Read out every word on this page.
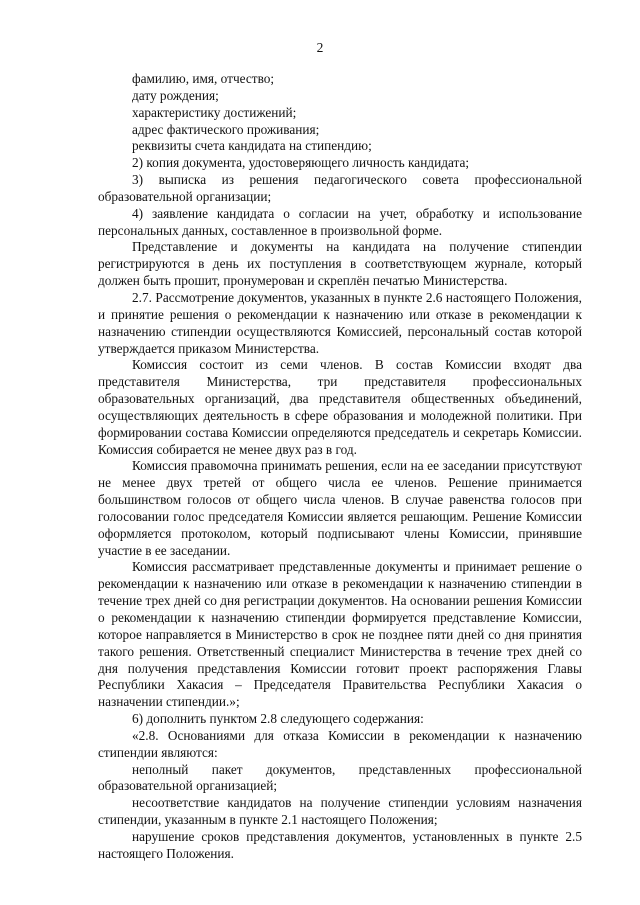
2

фамилию, имя, отчество;

дату рождения;

характеристику достижений;

адрес фактического проживания;

реквизиты счета кандидата на стипендию;

2) копия документа, удостоверяющего личность кандидата;

3) выписка из решения педагогического совета профессиональной образовательной организации;

4) заявление кандидата о согласии на учет, обработку и использование персональных данных, составленное в произвольной форме.

Представление и документы на кандидата на получение стипендии регистрируются в день их поступления в соответствующем журнале, который должен быть прошит, пронумерован и скреплён печатью Министерства.

2.7. Рассмотрение документов, указанных в пункте 2.6 настоящего Положения, и принятие решения о рекомендации к назначению или отказе в рекомендации к назначению стипендии осуществляются Комиссией, персональный состав которой утверждается приказом Министерства.

Комиссия состоит из семи членов. В состав Комиссии входят два

представителя Министерства, три представителя профессиональных образовательных организаций, два представителя общественных объединений, осуществляющих деятельность в сфере образования и молодежной политики. При формировании состава Комиссии определяются председатель и секретарь Комиссии. Комиссия собирается не менее двух раз в год.

Комиссия правомочна принимать решения, если на ее заседании присутствуют не менее двух третей от общего числа ее членов. Решение принимается большинством голосов от общего числа членов. В случае равенства голосов при голосовании голос председателя Комиссии является решающим. Решение Комиссии оформляется протоколом, который подписывают члены Комиссии, принявшие участие в ее заседании.

Комиссия рассматривает представленные документы и принимает решение о рекомендации к назначению или отказе в рекомендации к назначению стипендии в течение трех дней со дня регистрации документов. На основании решения Комиссии о рекомендации к назначению стипендии формируется представление Комиссии, которое направляется в Министерство в срок не позднее пяти дней со дня принятия такого решения. Ответственный специалист Министерства в течение трех дней со дня получения представления Комиссии готовит проект распоряжения Главы Республики Хакасия – Председателя Правительства Республики Хакасия о назначении стипендии.»;

6) дополнить пунктом 2.8 следующего содержания:

«2.8. Основаниями для отказа Комиссии в рекомендации к назначению стипендии являются:

неполный пакет документов, представленных профессиональной образовательной организацией;

несоответствие кандидатов на получение стипендии условиям назначения стипендии, указанным в пункте 2.1 настоящего Положения;

нарушение сроков представления документов, установленных в пункте 2.5 настоящего Положения.
